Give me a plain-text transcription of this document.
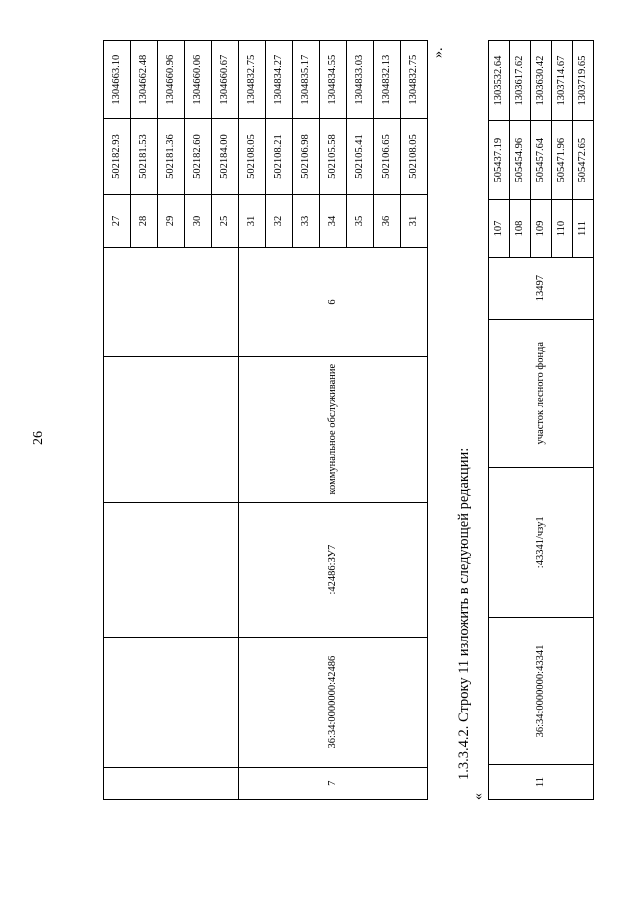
26
					27	502182.93	1304663.10
					28	502181.53	1304662.48
					29	502181.36	1304660.96
					30	502182.60	1304660.06
					25	502184.00	1304660.67
7	36:34:0000000:42486	:42486:ЗУ7	коммунальное обслуживание	6	31	502108.05	1304832.75
					32	502108.21	1304834.27
					33	502106.98	1304835.17
					34	502105.58	1304834.55
					35	502105.41	1304833.03
					36	502106.65	1304832.13
					31	502108.05	1304832.75
».
1.3.3.4.2. Строку 11 изложить в следующей редакции:
«
11	36:34:0000000:43341	:43341/чзу1	участок лесного фонда	13497	107	505437.19	1303532.64
					108	505454.96	1303617.62
					109	505457.64	1303630.42
					110	505471.96	1303714.67
					111	505472.65	1303719.65
